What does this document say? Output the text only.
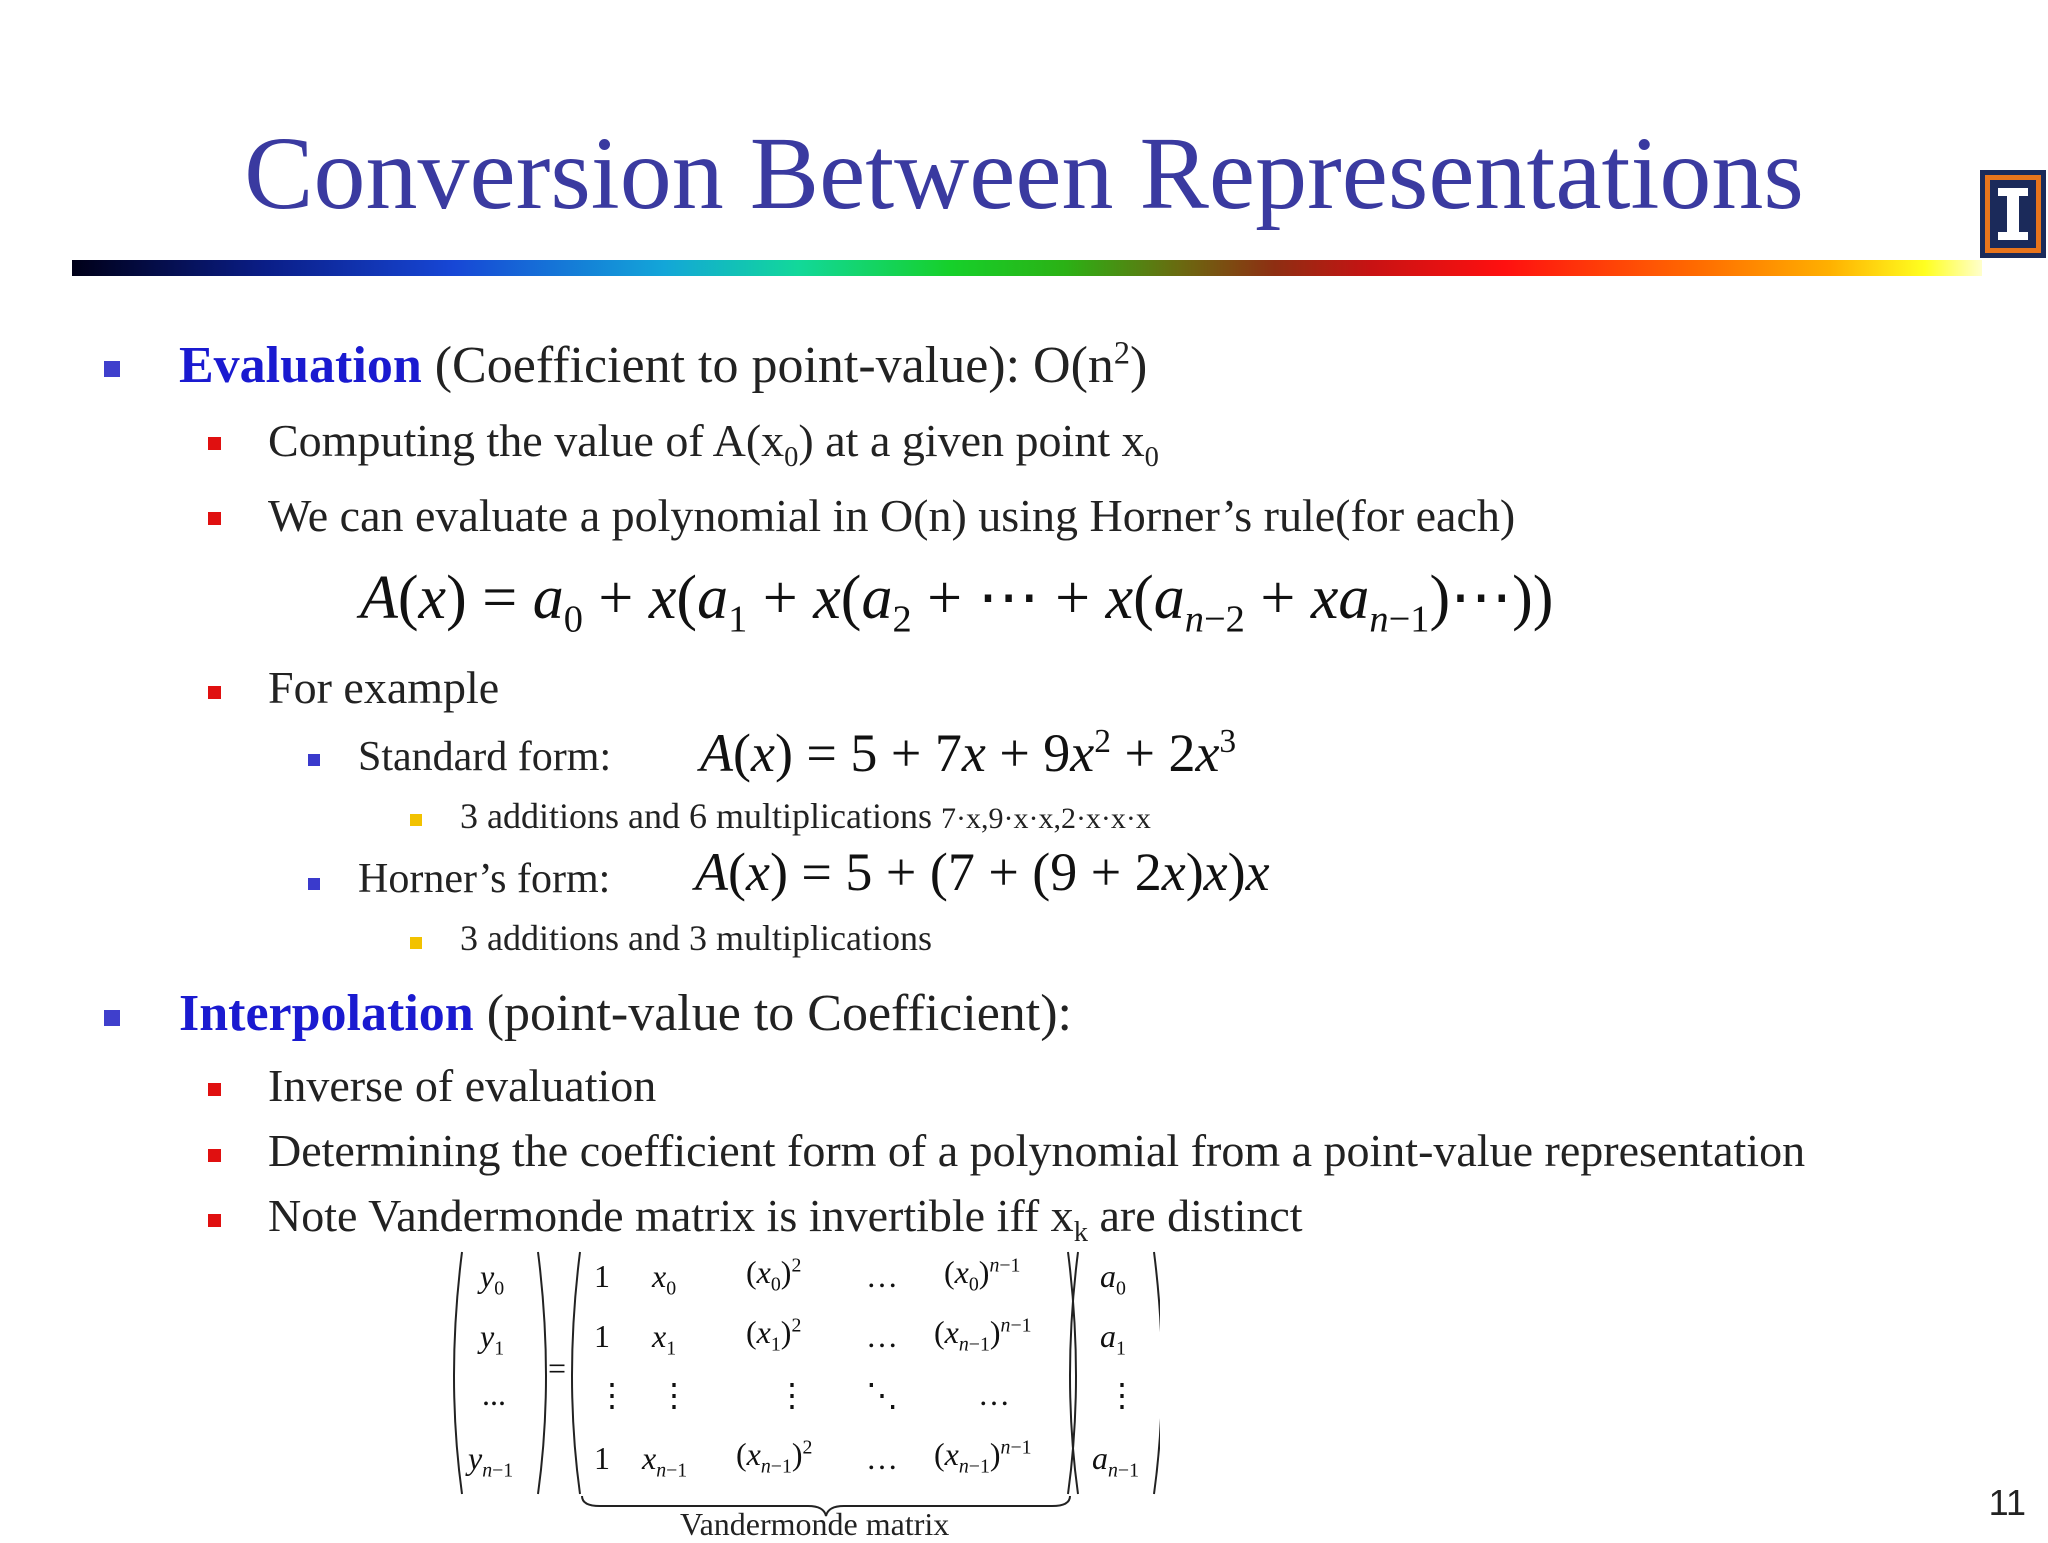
Conversion Between Representations
Evaluation (Coefficient to point-value): $O(n^2)$
Computing the value of $A(x_0)$ at a given point $x_0$
We can evaluate a polynomial in O(n) using Horner’s rule(for each)
$A(x) = a_0 + x(a_1 + x(a_2$ + ⋯ + $x(a_{n-2}$ + $xa_{n-1})\cdots$))
For example
Standard form: $A(x) = 5 + 7x + 9x^2 + 2x^3$
3 additions and 6 multiplications 7·x,9·x·x,2·x·x·x
Horner’s form: A(x) = 5 + (7 + (9 + 2x)x)x
3 additions and 3 multiplications
Interpolation (point-value to Coefficient):
Inverse of evaluation
Determining the coefficient form of a polynomial from a point-value representation
Note Vandermonde matrix is invertible iff $x_k$ are distinct
$y_0$
$y_1$
...
$y_{n-1}$
=
1 $x_0$ $(x_0)^2$ … $(x_0)^{n-1}$
1 $x_1$ $(x_1)^2$ … $(x_{n-1})^{n-1}$
⋮ ⋮	⋮ ⋱	…
1 $x_{n-1}$ $(x_{n-1})^2$ … $(x_{n-1})^{n-1}$
$a_0$
$a_1$
⋮
$a_{n-1}$
Vandermonde matrix
11
